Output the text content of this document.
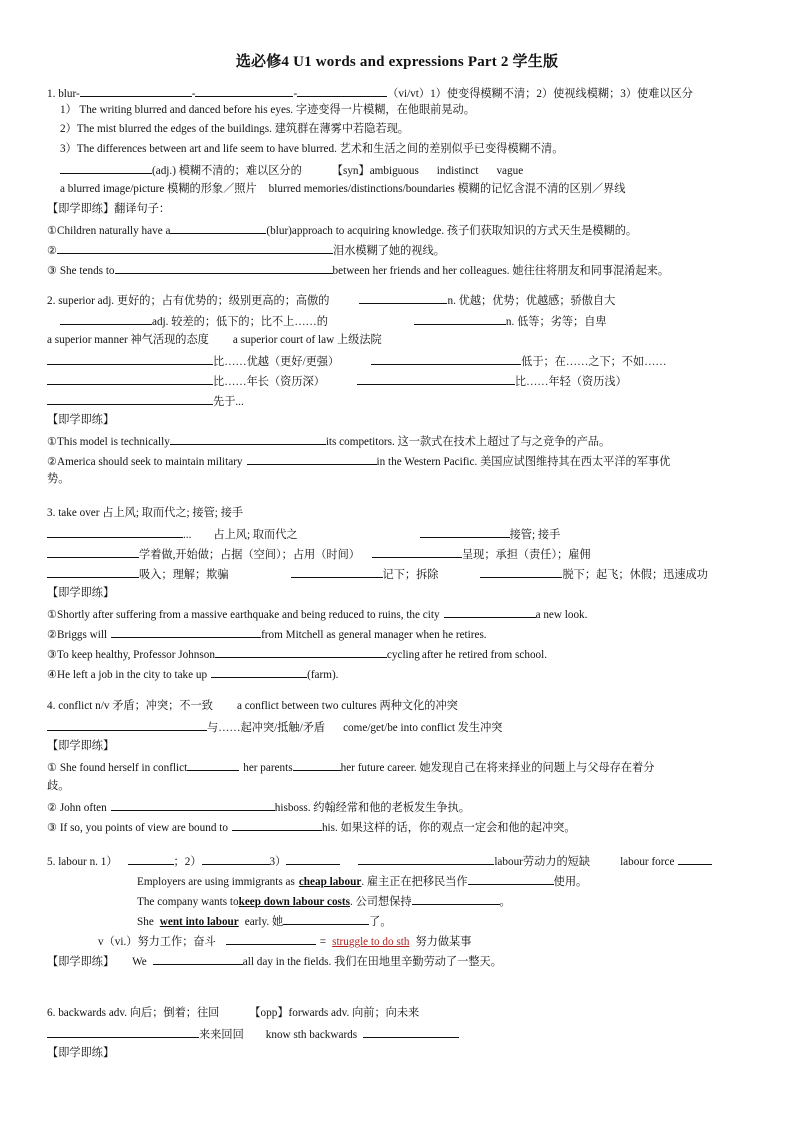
选必修4 U1 words and expressions Part 2 学生版
1. blur-	-	-	（vi/vt）1）使变得模糊不清；2）使视线模糊；3）使难以区分
1） The writing blurred and danced before his eyes. 字迹变得一片模糊，在他眼前晃动。
2）The mist blurred the edges of the buildings. 建筑群在薄雾中若隐若现。
3）The differences between art and life seem to have blurred. 艺术和生活之间的差别似乎已变得模糊不清。
(adj.) 模糊不清的；难以区分的	【syn】ambiguous indistinct vague
a blurred image/picture 模糊的形象／照片 blurred memories/distinctions/boundaries 模糊的记忆含混不清的区别／界线
【即学即练】翻译句子：
①Children naturally have a	(blur)approach to acquiring knowledge. 孩子们获取知识的方式天生是模糊的。
②	泪水模糊了她的视线。
③ She tends to	between her friends and her colleagues. 她往往将朋友和同事混淆起来。
2. superior adj. 更好的；占有优势的；级别更高的；高傲的	n. 优越；优势；优越感；骄傲自大
adj. 较差的；低下的；比不上……的	n. 低等；劣等；自卑
a superior manner 神气活现的态度 a superior court of law 上级法院
比……优越（更好/更强）	低于；在……之下；不如……
比……年长（资历深）	比……年轻（资历浅）
先于...
【即学即练】
①This model is technically	its competitors. 这一款式在技术上超过了与之竞争的产品。
②America should seek to maintain military	in the Western Pacific. 美国应试图维持其在西太平洋的军事优
势。
3. take over 占上风; 取而代之; 接管; 接手
... 占上风; 取而代之	接管; 接手
学着做,开始做；占据（空间）；占用（时间）	呈现；承担（责任）；雇佣
吸入；理解；欺骗	记下；拆除	脱下；起飞；休假；迅速成功
【即学即练】
①Shortly after suffering from a massive earthquake and being reduced to ruins, the city	a new look.
②Briggs will	from Mitchell as general manager when he retires.
③To keep healthy, Professor Johnson	cycling after he retired from school.
④He left a job in the city to take up	(farm).
4. conflict n/v 矛盾；冲突；不一致 a conflict between two cultures 两种文化的冲突
与……起冲突/抵触/矛盾 come/get/be into conflict 发生冲突
【即学即练】
① She found herself in conflict	her parents	her future career. 她发现自己在将来择业的问题上与父母存在着分
歧。
② John often	hisboss. 约翰经常和他的老板发生争执。
③ If so, you points of view are bound to	his. 如果这样的话，你的观点一定会和他的起冲突。
5. labour n. 1）	；2）	3）	labour劳动力的短缺	labour force
Employers are using immigrants as cheap labour. 雇主正在把移民当作	使用。
The company wants tokeep down labour costs. 公司想保持	。
She went into labour early. 她	了。
v（vi.）努力工作；奋斗	= struggle to do sth 努力做某事
【即学即练】 We	all day in the fields. 我们在田地里辛勤劳动了一整天。
6. backwards adv. 向后；倒着；往回	【opp】forwards adv. 向前；向未来
来来回回 know sth backwards
【即学即练】
